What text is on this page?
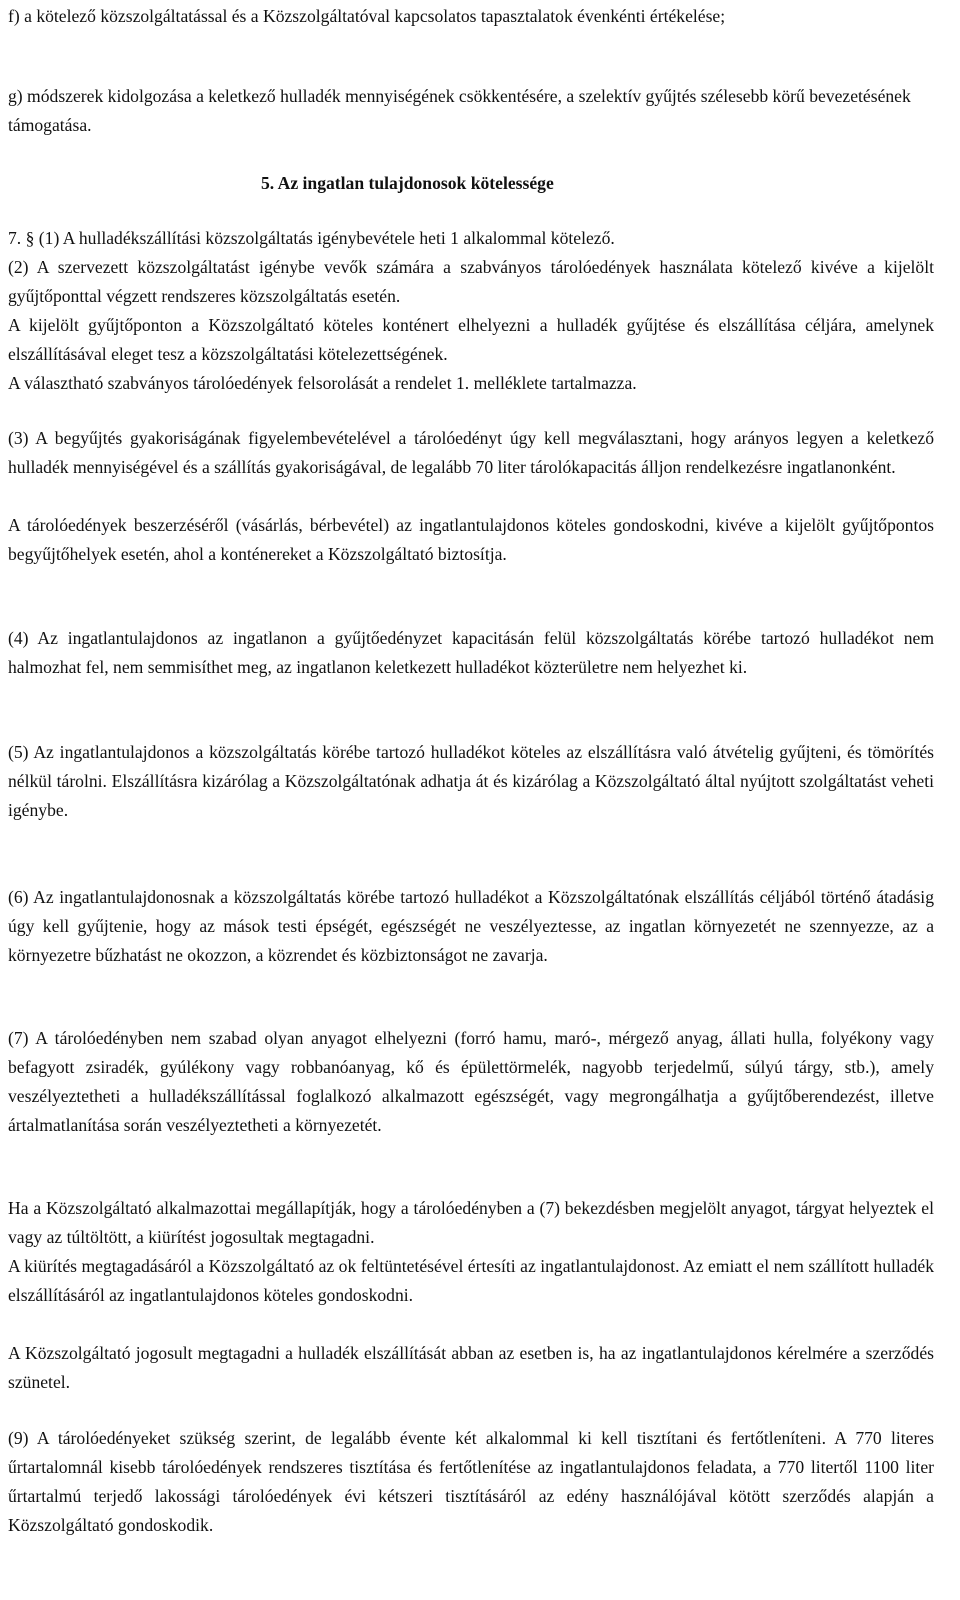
f) a kötelező közszolgáltatással és a Közszolgáltatóval kapcsolatos tapasztalatok évenkénti értékelése;

g) módszerek kidolgozása a keletkező hulladék mennyiségének csökkentésére, a szelektív gyűjtés szélesebb körű bevezetésének támogatása.

5. Az ingatlan tulajdonosok kötelessége

7. § (1) A hulladékszállítási közszolgáltatás igénybevétele heti 1 alkalommal kötelező.

(2) A szervezett közszolgáltatást igénybe vevők számára a szabványos tárolóedények használata kötelező kivéve a kijelölt gyűjtőponttal végzett rendszeres közszolgáltatás esetén.

A kijelölt gyűjtőponton a Közszolgáltató köteles konténert elhelyezni a hulladék gyűjtése és elszállítása céljára, amelynek elszállításával eleget tesz a közszolgáltatási kötelezettségének.

A választható szabványos tárolóedények felsorolását a rendelet 1. melléklete tartalmazza.

(3) A begyűjtés gyakoriságának figyelembevételével a tárolóedényt úgy kell megválasztani, hogy arányos legyen a keletkező hulladék mennyiségével és a szállítás gyakoriságával, de legalább 70 liter tárolókapacitás álljon rendelkezésre ingatlanonként.

A tárolóedények beszerzéséről (vásárlás, bérbevétel) az ingatlantulajdonos köteles gondoskodni, kivéve a kijelölt gyűjtőpontos begyűjtőhelyek esetén, ahol a konténereket a Közszolgáltató biztosítja.

(4) Az ingatlantulajdonos az ingatlanon a gyűjtőedényzet kapacitásán felül közszolgáltatás körébe tartozó hulladékot nem halmozhat fel, nem semmisíthet meg, az ingatlanon keletkezett hulladékot közterületre nem helyezhet ki.

(5) Az ingatlantulajdonos a közszolgáltatás körébe tartozó hulladékot köteles az elszállításra való átvételig gyűjteni, és tömörítés nélkül tárolni. Elszállításra kizárólag a Közszolgáltatónak adhatja át és kizárólag a Közszolgáltató által nyújtott szolgáltatást veheti igénybe.

(6) Az ingatlantulajdonosnak a közszolgáltatás körébe tartozó hulladékot a Közszolgáltatónak elszállítás céljából történő átadásig úgy kell gyűjtenie, hogy az mások testi épségét, egészségét ne veszélyeztesse, az ingatlan környezetét ne szennyezze, az a környezetre bűzhatást ne okozzon, a közrendet és közbiztonságot ne zavarja.

(7) A tárolóedényben nem szabad olyan anyagot elhelyezni (forró hamu, maró-, mérgező anyag, állati hulla, folyékony vagy befagyott zsiradék, gyúlékony vagy robbanóanyag, kő és épülettörmelék, nagyobb terjedelmű, súlyú tárgy, stb.), amely veszélyeztetheti a hulladékszállítással foglalkozó alkalmazott egészségét, vagy megrongálhatja a gyűjtőberendezést, illetve ártalmatlanítása során veszélyeztetheti a környezetét.

Ha a Közszolgáltató alkalmazottai megállapítják, hogy a tárolóedényben a (7) bekezdésben megjelölt anyagot, tárgyat helyeztek el vagy az túltöltött, a kiürítést jogosultak megtagadni.

A kiürítés megtagadásáról a Közszolgáltató az ok feltüntetésével értesíti az ingatlantulajdonost. Az emiatt el nem szállított hulladék elszállításáról az ingatlantulajdonos köteles gondoskodni.

A Közszolgáltató jogosult megtagadni a hulladék elszállítását abban az esetben is, ha az ingatlantulajdonos kérelmére a szerződés szünetel.

(9) A tárolóedényeket szükség szerint, de legalább évente két alkalommal ki kell tisztítani és fertőtleníteni. A 770 literes űrtartalomnál kisebb tárolóedények rendszeres tisztítása és fertőtlenítése az ingatlantulajdonos feladata, a 770 litertől 1100 liter űrtartalmú terjedő lakossági tárolóedények évi kétszeri tisztításáról az edény használójával kötött szerződés alapján a Közszolgáltató gondoskodik.
